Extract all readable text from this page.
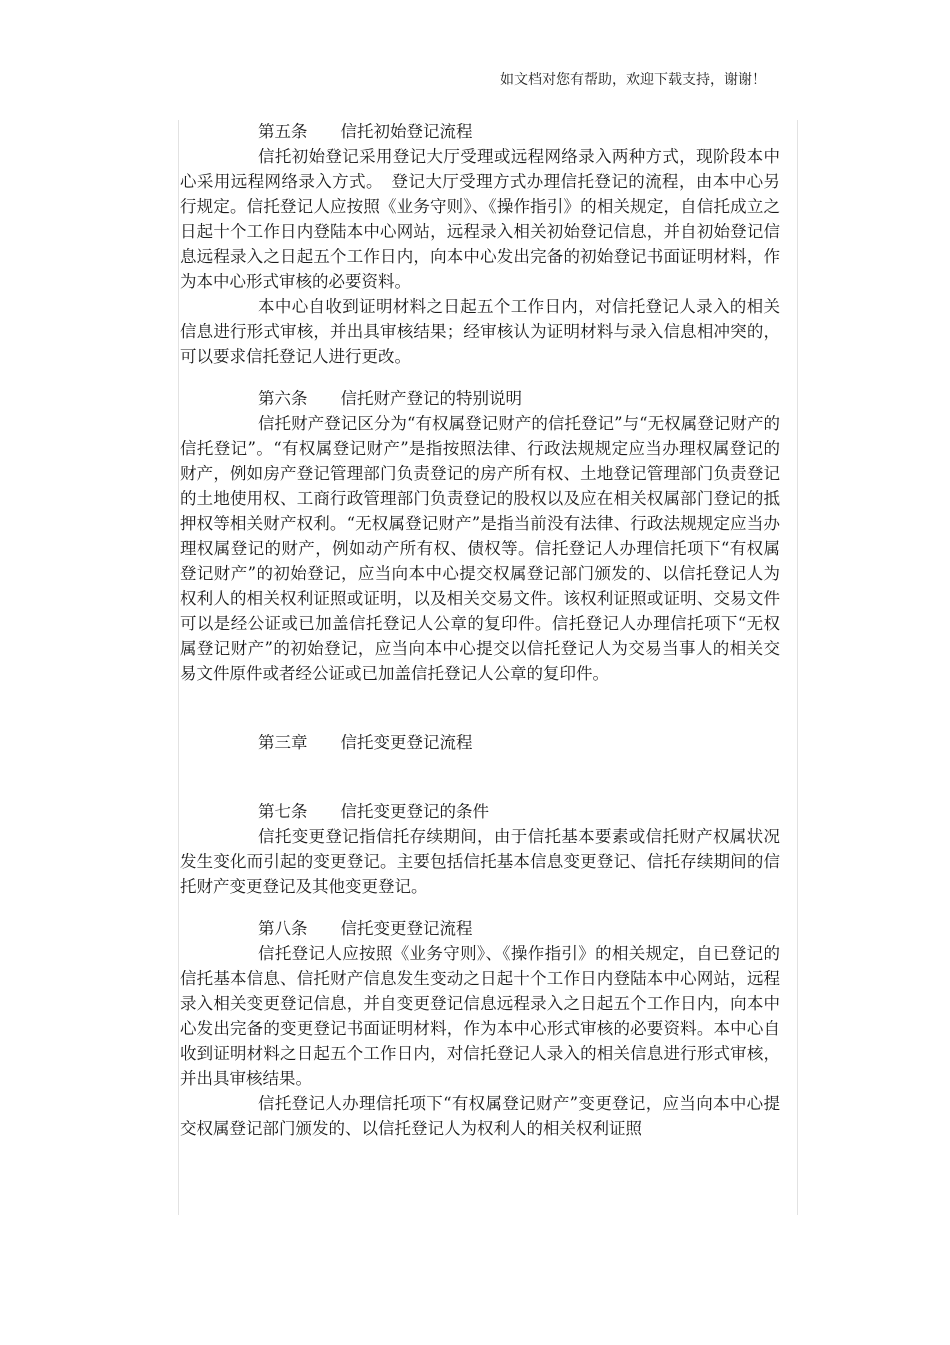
如文档对您有帮助，欢迎下载支持，谢谢！
第五条　　信托初始登记流程

信托初始登记采用登记大厅受理或远程网络录入两种方式，现阶段本中心采用远程网络录入方式。　登记大厅受理方式办理信托登记的流程，由本中心另行规定。信托登记人应按照《业务守则》、《操作指引》的相关规定，自信托成立之日起十个工作日内登陆本中心网站，远程录入相关初始登记信息，并自初始登记信息远程录入之日起五个工作日内，向本中心发出完备的初始登记书面证明材料，作为本中心形式审核的必要资料。

本中心自收到证明材料之日起五个工作日内，对信托登记人录入的相关信息进行形式审核，并出具审核结果；经审核认为证明材料与录入信息相冲突的，可以要求信托登记人进行更改。

第六条　　信托财产登记的特别说明

信托财产登记区分为“有权属登记财产的信托登记”与“无权属登记财产的信托登记”。“有权属登记财产”是指按照法律、行政法规规定应当办理权属登记的财产，例如房产登记管理部门负责登记的房产所有权、土地登记管理部门负责登记的土地使用权、工商行政管理部门负责登记的股权以及应在相关权属部门登记的抵押权等相关财产权利。“无权属登记财产”是指当前没有法律、行政法规规定应当办理权属登记的财产，例如动产所有权、债权等。信托登记人办理信托项下“有权属登记财产”的初始登记，应当向本中心提交权属登记部门颁发的、以信托登记人为权利人的相关权利证照或证明，以及相关交易文件。该权利证照或证明、交易文件可以是经公证或已加盖信托登记人公章的复印件。信托登记人办理信托项下“无权属登记财产”的初始登记，应当向本中心提交以信托登记人为交易当事人的相关交易文件原件或者经公证或已加盖信托登记人公章的复印件。

第三章　　信托变更登记流程
第七条　　信托变更登记的条件

信托变更登记指信托存续期间，由于信托基本要素或信托财产权属状况发生变化而引起的变更登记。主要包括信托基本信息变更登记、信托存续期间的信托财产变更登记及其他变更登记。

第八条　　信托变更登记流程

信托登记人应按照《业务守则》、《操作指引》的相关规定，自已登记的信托基本信息、信托财产信息发生变动之日起十个工作日内登陆本中心网站，远程录入相关变更登记信息，并自变更登记信息远程录入之日起五个工作日内，向本中心发出完备的变更登记书面证明材料，作为本中心形式审核的必要资料。本中心自收到证明材料之日起五个工作日内，对信托登记人录入的相关信息进行形式审核，并出具审核结果。

信托登记人办理信托项下“有权属登记财产”变更登记，应当向本中心提交权属登记部门颁发的、以信托登记人为权利人的相关权利证照
